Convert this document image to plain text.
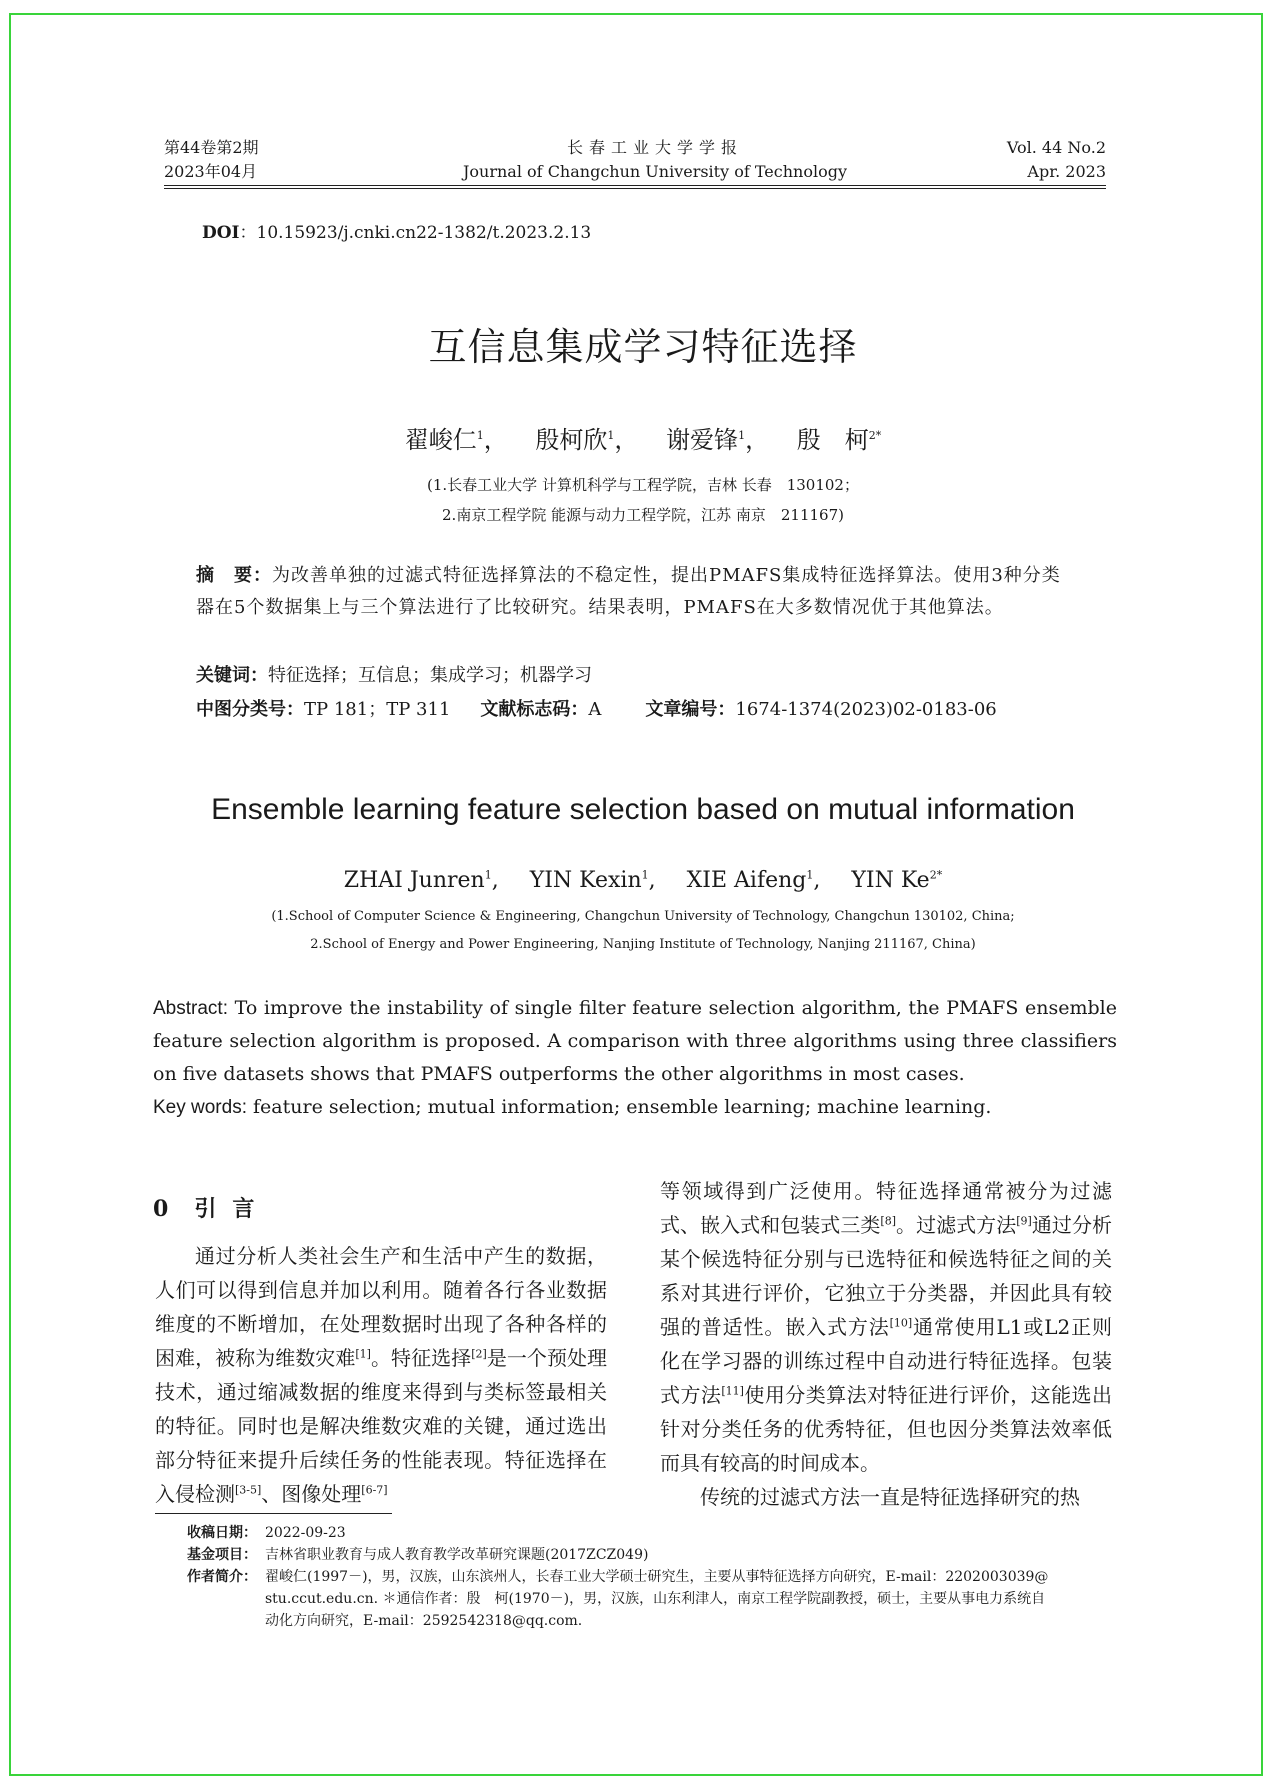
第44卷第2期
2023年04月
长春工业大学学报
Journal of Changchun University of Technology
Vol. 44 No.2
Apr. 2023
DOI：10.15923/j.cnki.cn22-1382/t.2023.2.13
互信息集成学习特征选择
翟峻仁$^1$， 殷柯欣$^1$， 谢爱锋$^1$， 殷　柯$^{2*}$
(1.长春工业大学 计算机科学与工程学院，吉林 长春　130102；
2.南京工程学院 能源与动力工程学院，江苏 南京　211167)
摘　要：为改善单独的过滤式特征选择算法的不稳定性，提出PMAFS集成特征选择算法。使用3种分类器在5个数据集上与三个算法进行了比较研究。结果表明，PMAFS在大多数情况优于其他算法。
关键词：特征选择；互信息；集成学习；机器学习
中图分类号：TP 181；TP 311 文献标志码：A 文章编号：1674-1374(2023)02-0183-06
Ensemble learning feature selection based on mutual information
ZHAI Junren$^1$, YIN Kexin$^1$, XIE Aifeng$^1$, YIN $Ke^{2*}$
(1.School of Computer Science & Engineering, Changchun University of Technology, Changchun 130102, China;
2.School of Energy and Power Engineering, Nanjing Institute of Technology, Nanjing 211167, China)
Abstract: To improve the instability of single filter feature selection algorithm, the PMAFS ensemble feature selection algorithm is proposed. A comparison with three algorithms using three classifiers on five datasets shows that PMAFS outperforms the other algorithms in most cases.
Key words: feature selection; mutual information; ensemble learning; machine learning.
0 引言
通过分析人类社会生产和生活中产生的数据，人们可以得到信息并加以利用。随着各行各业数据维度的不断增加，在处理数据时出现了各种各样的困难，被称为维数灾难[1]。特征选择[2]是一个预处理技术，通过缩减数据的维度来得到与类标签最相关的特征。同时也是解决维数灾难的关键，通过选出部分特征来提升后续任务的性能表现。特征选择在入侵检测[3-5]、图像处理[6-7]
等领域得到广泛使用。特征选择通常被分为过滤式、嵌入式和包装式三类[8]。过滤式方法[9]通过分析某个候选特征分别与已选特征和候选特征之间的关系对其进行评价，它独立于分类器，并因此具有较强的普适性。嵌入式方法[10]通常使用L1或L2正则化在学习器的训练过程中自动进行特征选择。包装式方法[11]使用分类算法对特征进行评价，这能选出针对分类任务的优秀特征，但也因分类算法效率低而具有较高的时间成本。
传统的过滤式方法一直是特征选择研究的热
收稿日期： 2022-09-23
基金项目： 吉林省职业教育与成人教育教学改革研究课题(2017ZCZ049)
作者简介： 翟峻仁(1997－)，男，汉族，山东滨州人，长春工业大学硕士研究生，主要从事特征选择方向研究，E-mail：2202003039@
stu.ccut.edu.cn. ＊通信作者：殷　柯(1970－)，男，汉族，山东利津人，南京工程学院副教授，硕士，主要从事电力系统自
动化方向研究，E-mail：2592542318@qq.com.
